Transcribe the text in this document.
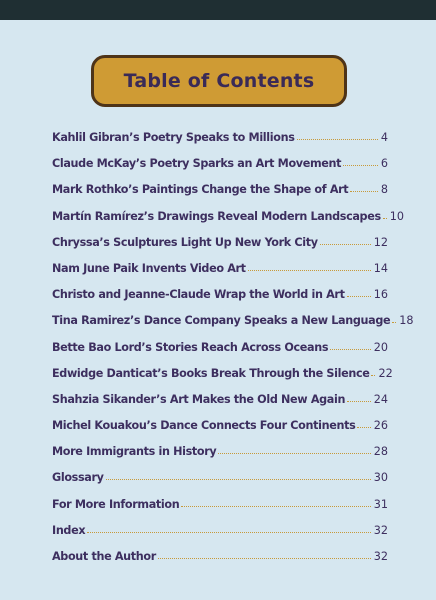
Table of Contents
Kahlil Gibran’s Poetry Speaks to Millions	4
Claude McKay’s Poetry Sparks an Art Movement	6
Mark Rothko’s Paintings Change the Shape of Art	8
Martín Ramírez’s Drawings Reveal Modern Landscapes 10
Chryssa’s Sculptures Light Up New York City	12
Nam June Paik Invents Video Art	14
Christo and Jeanne-Claude Wrap the World in Art	16
Tina Ramirez’s Dance Company Speaks a New Language 18
Bette Bao Lord’s Stories Reach Across Oceans	20
Edwidge Danticat’s Books Break Through the Silence 22
Shahzia Sikander’s Art Makes the Old New Again	24
Michel Kouakou’s Dance Connects Four Continents 26
More Immigrants in History	28
Glossary	30
For More Information	31
Index	32
About the Author	32
